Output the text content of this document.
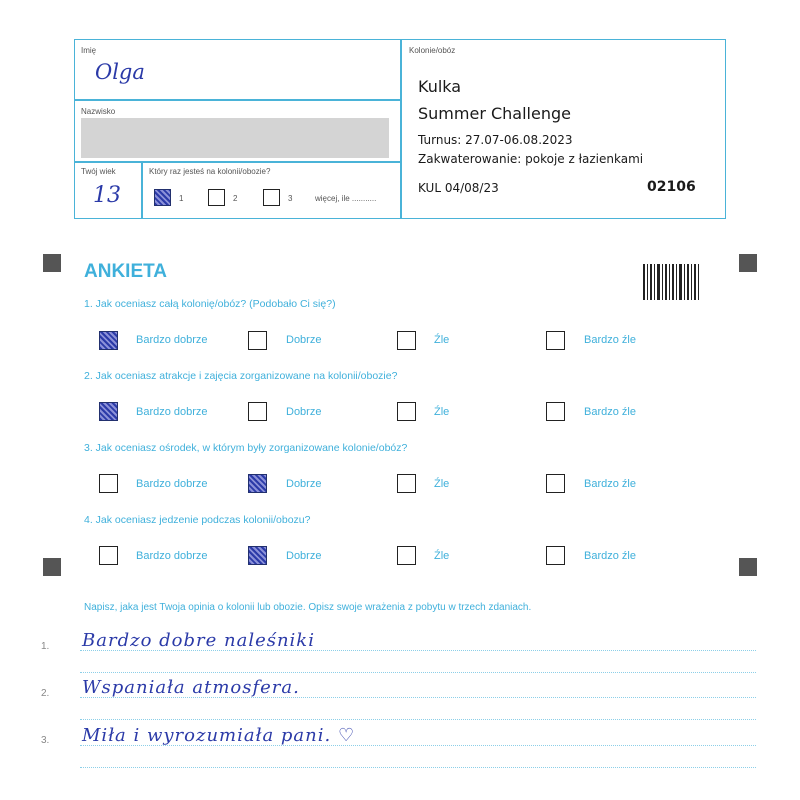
Imię
Olga
Nazwisko
Twój wiek
13
Który raz jesteś na kolonii/obozie?
1	2	3	więcej, ile ...........
Kolonie/obóz
Kulka
Summer Challenge
Turnus: 27.07-06.08.2023
Zakwaterowanie: pokoje z łazienkami
KUL 04/08/23	02106
ANKIETA
1. Jak oceniasz całą kolonię/obóz? (Podobało Ci się?)
Bardzo dobrze	Dobrze	Źle	Bardzo źle
2. Jak oceniasz atrakcje i zajęcia zorganizowane na kolonii/obozie?
Bardzo dobrze	Dobrze	Źle	Bardzo źle
3. Jak oceniasz ośrodek, w którym były zorganizowane kolonie/obóz?
Bardzo dobrze	Dobrze	Źle	Bardzo źle
4. Jak oceniasz jedzenie podczas kolonii/obozu?
Bardzo dobrze	Dobrze	Źle	Bardzo źle
Napisz, jaka jest Twoja opinia o kolonii lub obozie. Opisz swoje wrażenia z pobytu w trzech zdaniach.
1. Bardzo dobre naleśniki
2. Wspaniała atmosfera.
3. Miła i wyrozumiała pani. ♡
